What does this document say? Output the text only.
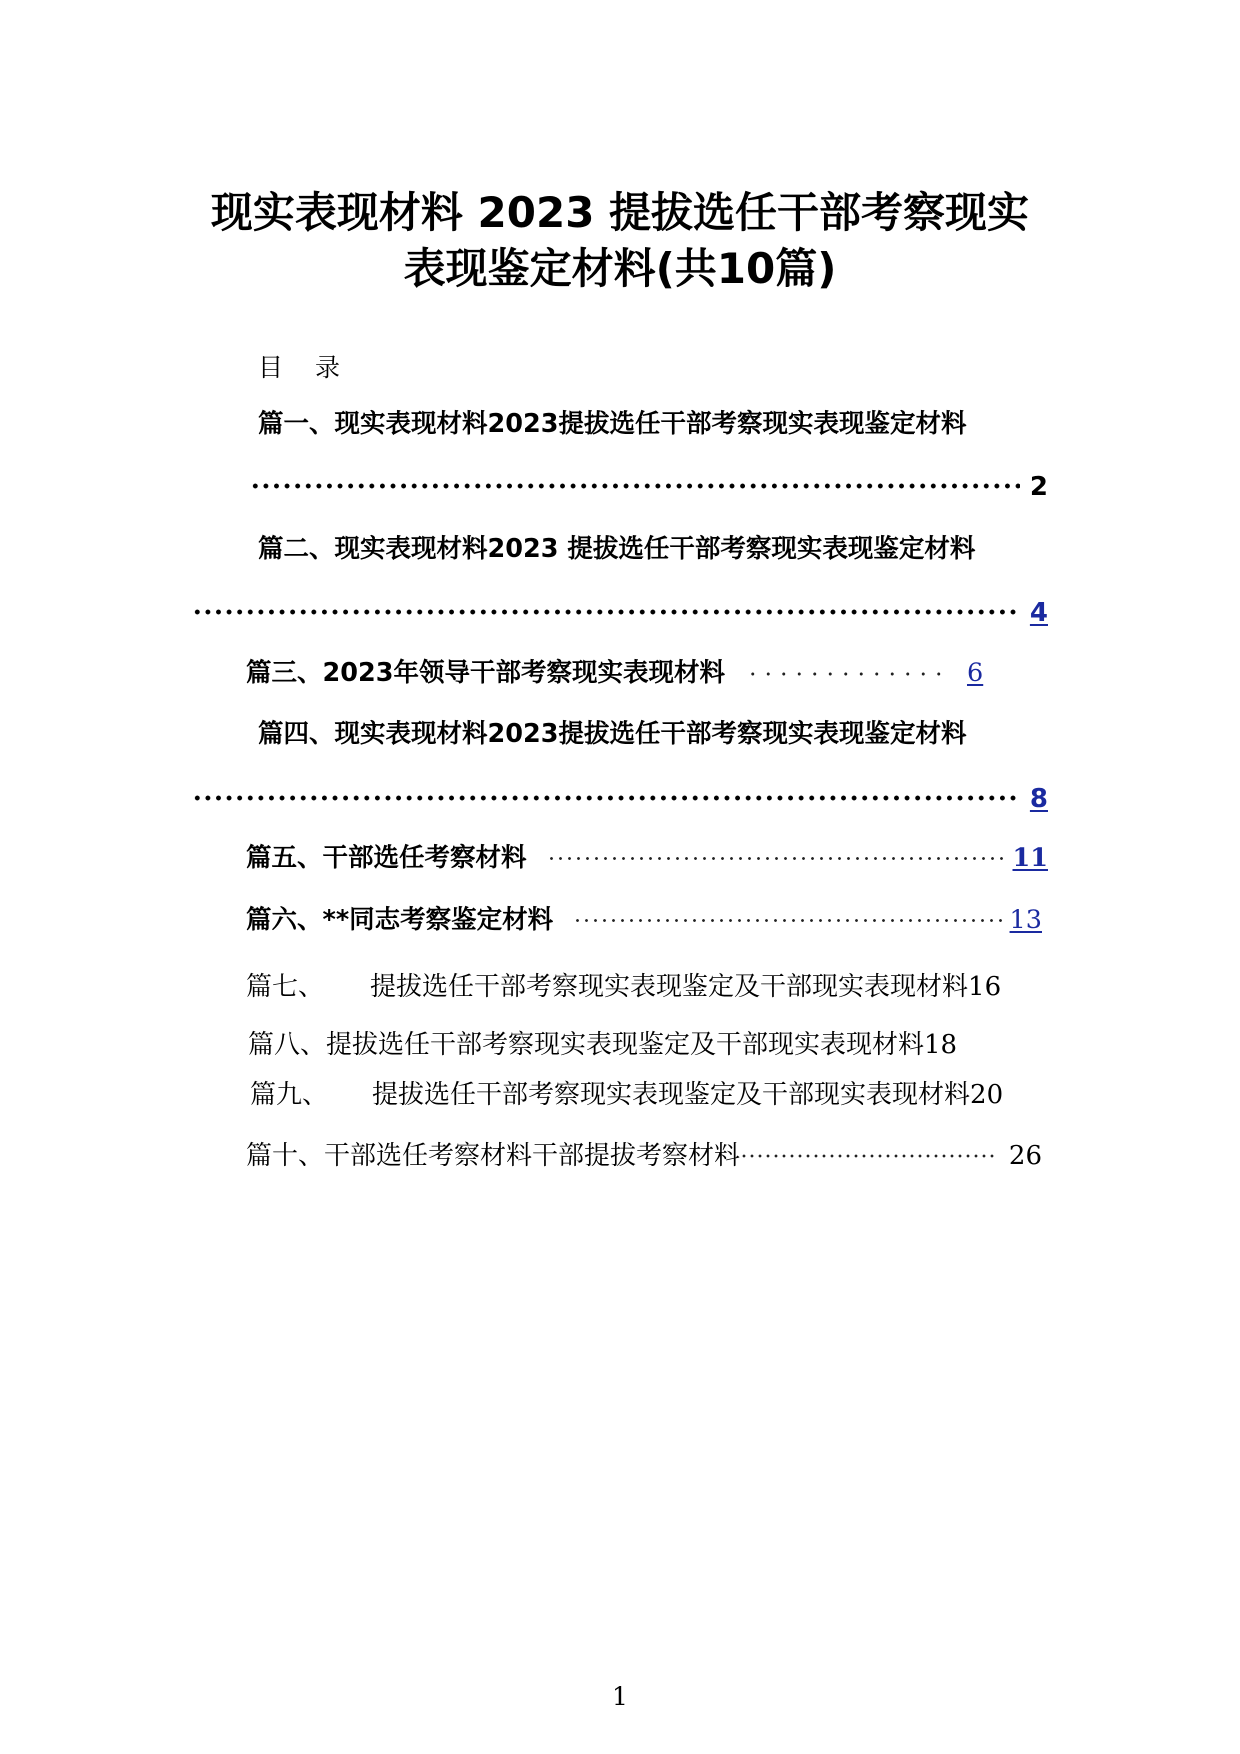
现实表现材料 2023 提拔选任干部考察现实
表现鉴定材料(共10篇)
目录
篇一、现实表现材料2023提拔选任干部考察现实表现鉴定材料
2
篇二、现实表现材料2023 提拔选任干部考察现实表现鉴定材料
4
篇三、2023年领导干部考察现实表现材料	6
篇四、现实表现材料2023提拔选任干部考察现实表现鉴定材料
8
篇五、干部选任考察材料	11
篇六、**同志考察鉴定材料	13
篇七、 提拔选任干部考察现实表现鉴定及干部现实表现材料16
篇八、提拔选任干部考察现实表现鉴定及干部现实表现材料18
篇九、 提拔选任干部考察现实表现鉴定及干部现实表现材料20
篇十、干部选任考察材料干部提拔考察材料	26
1
